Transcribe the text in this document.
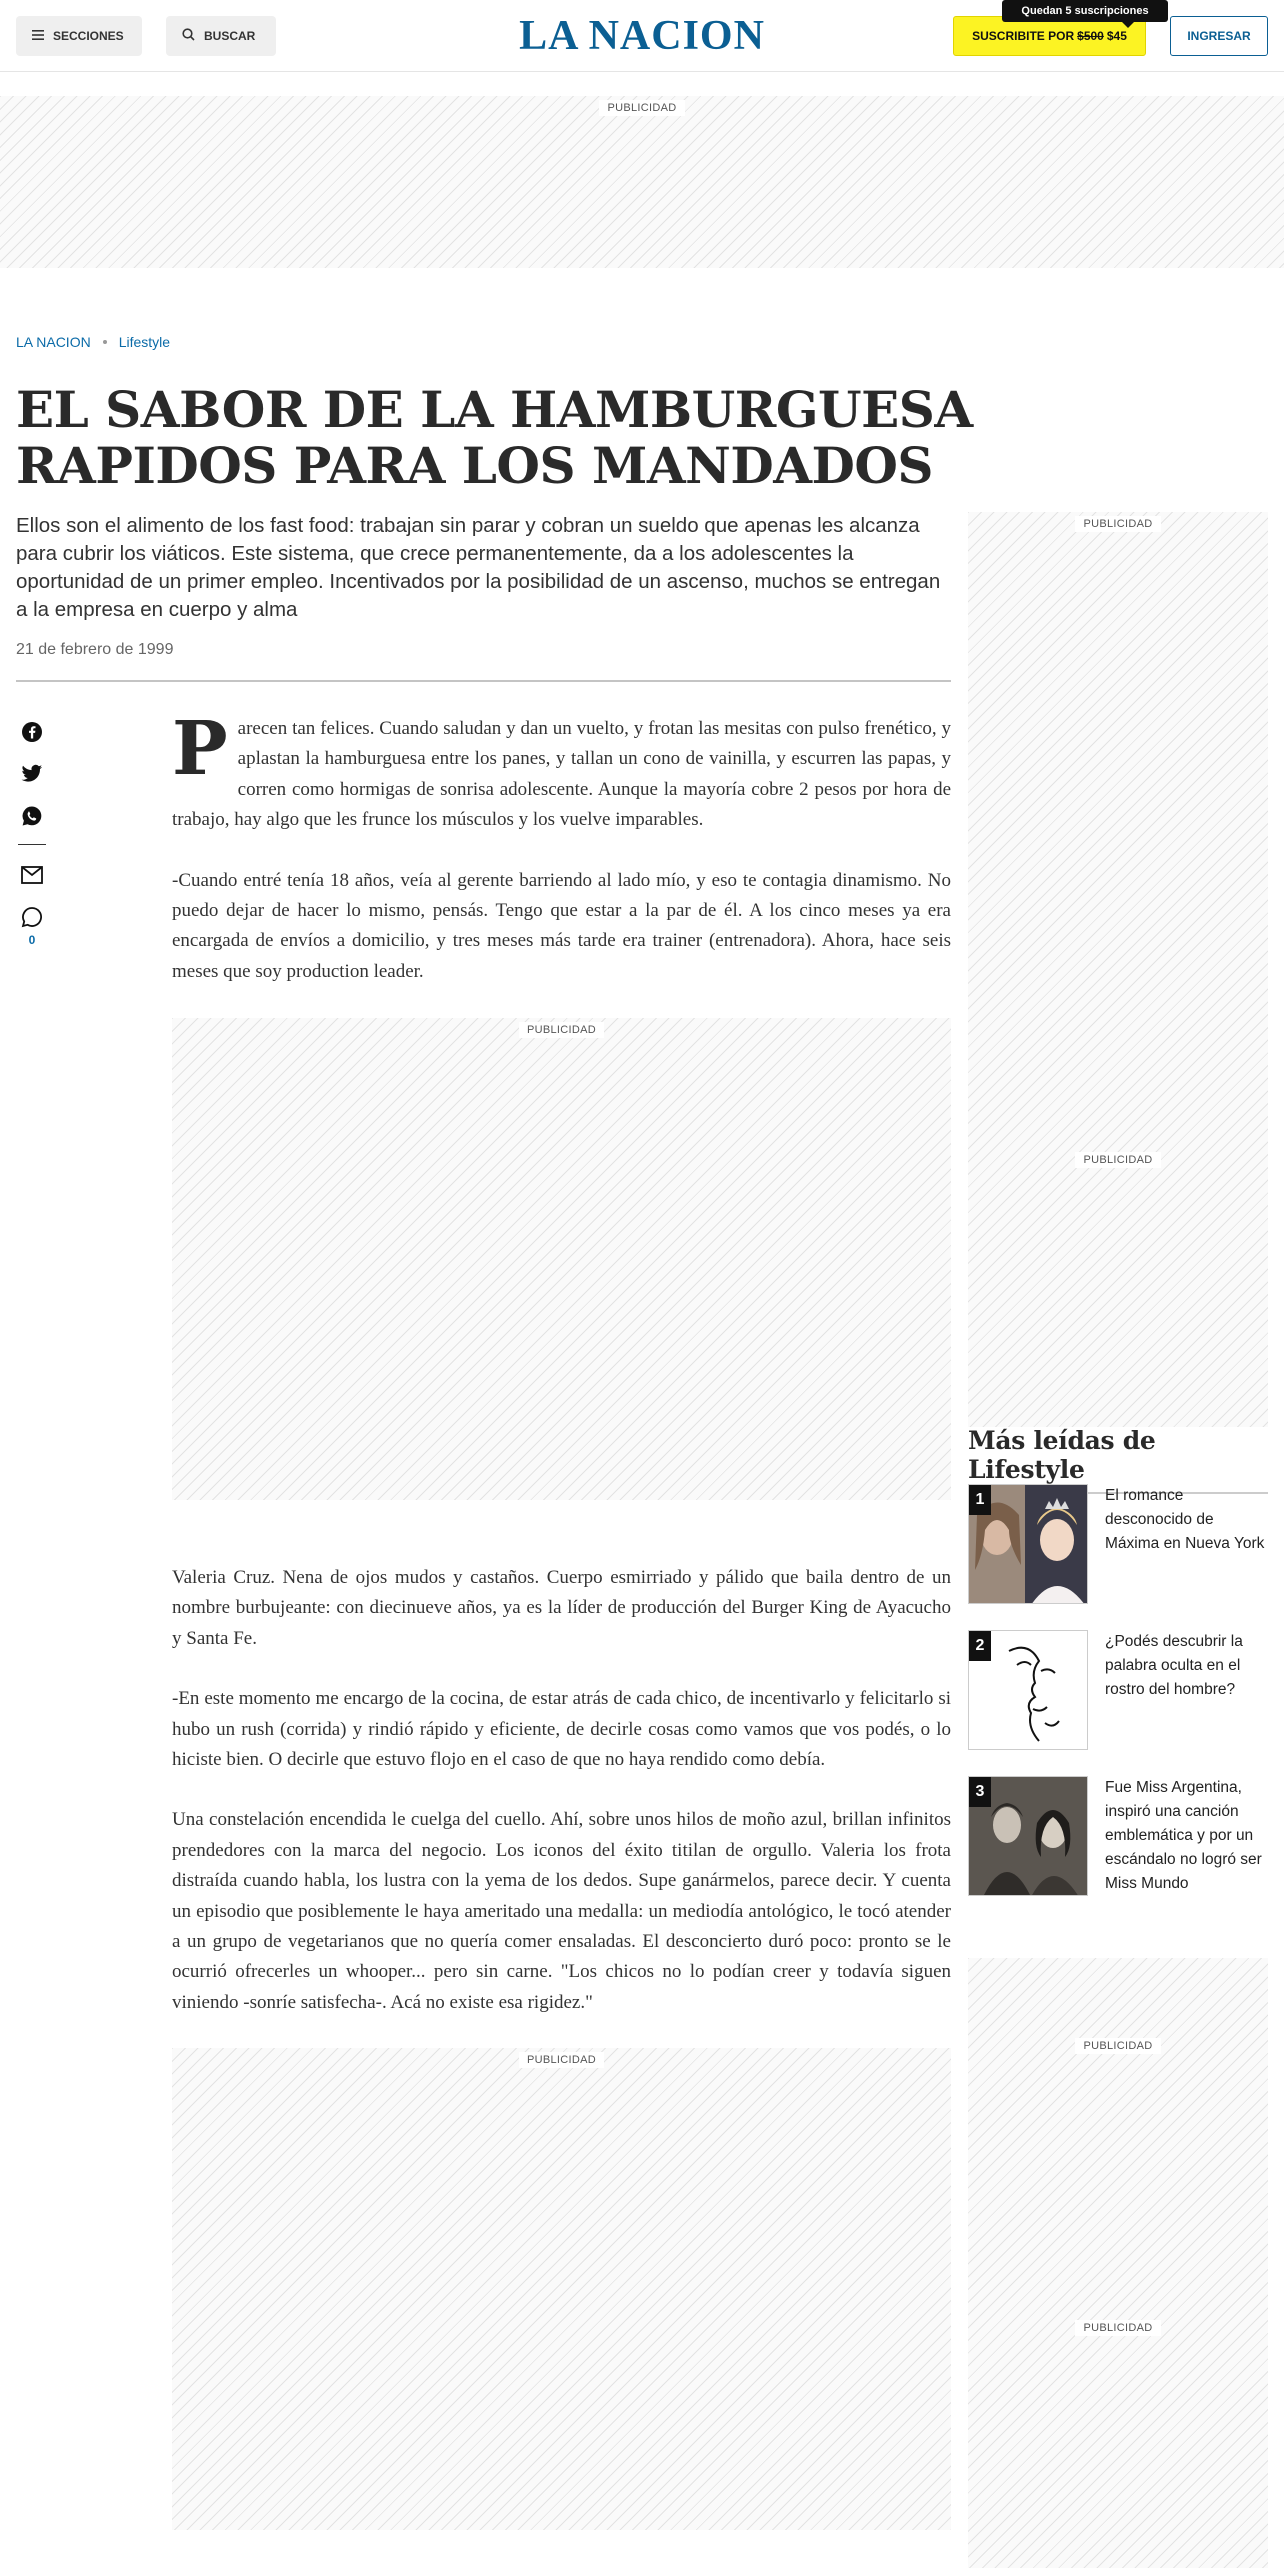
SECCIONES	BUSCAR	LA NACION	SUSCRIBITE POR $500 $45
Quedan 5 suscripciones
INGRESAR
PUBLICIDAD
LA NACION Lifestyle
EL SABOR DE LA HAMBURGUESA RAPIDOS PARA LOS MANDADOS
Ellos son el alimento de los fast food: trabajan sin parar y cobran un sueldo que apenas les alcanza para cubrir los viáticos. Este sistema, que crece permanentemente, da a los adolescentes la oportunidad de un primer empleo. Incentivados por la posibilidad de un ascenso, muchos se entregan a la empresa en cuerpo y alma
21 de febrero de 1999
0

Parecen tan felices. Cuando saludan y dan un vuelto, y frotan las mesitas con pulso frenético, y aplastan la hamburguesa entre los panes, y tallan un cono de vainilla, y escurren las papas, y corren como hormigas de sonrisa adolescente. Aunque la mayoría cobre 2 pesos por hora de trabajo, hay algo que les frunce los músculos y los vuelve imparables.

-Cuando entré tenía 18 años, veía al gerente barriendo al lado mío, y eso te contagia dinamismo. No puedo dejar de hacer lo mismo, pensás. Tengo que estar a la par de él. A los cinco meses ya era encargada de envíos a domicilio, y tres meses más tarde era trainer (entrenadora). Ahora, hace seis meses que soy production leader.

PUBLICIDAD

Valeria Cruz. Nena de ojos mudos y castaños. Cuerpo esmirriado y pálido que baila dentro de un nombre burbujeante: con diecinueve años, ya es la líder de producción del Burger King de Ayacucho y Santa Fe.

-En este momento me encargo de la cocina, de estar atrás de cada chico, de incentivarlo y felicitarlo si hubo un rush (corrida) y rindió rápido y eficiente, de decirle cosas como vamos que vos podés, o lo hiciste bien. O decirle que estuvo flojo en el caso de que no haya rendido como debía.

Una constelación encendida le cuelga del cuello. Ahí, sobre unos hilos de moño azul, brillan infinitos prendedores con la marca del negocio. Los iconos del éxito titilan de orgullo. Valeria los frota distraída cuando habla, los lustra con la yema de los dedos. Supe ganármelos, parece decir. Y cuenta un episodio que posiblemente le haya ameritado una medalla: un mediodía antológico, le tocó atender a un grupo de vegetarianos que no quería comer ensaladas. El desconcierto duró poco: pronto se le ocurrió ofrecerles un whooper... pero sin carne. "Los chicos no lo podían creer y todavía siguen viniendo -sonríe satisfecha-. Acá no existe esa rigidez."

PUBLICIDAD
PUBLICIDAD
PUBLICIDAD
Más leídas de Lifestyle
1	El romance desconocido de Máxima en Nueva York
2	¿Podés descubrir la palabra oculta en el rostro del hombre?
3	Fue Miss Argentina, inspiró una canción emblemática y por un escándalo no logró ser Miss Mundo
PUBLICIDAD
PUBLICIDAD
